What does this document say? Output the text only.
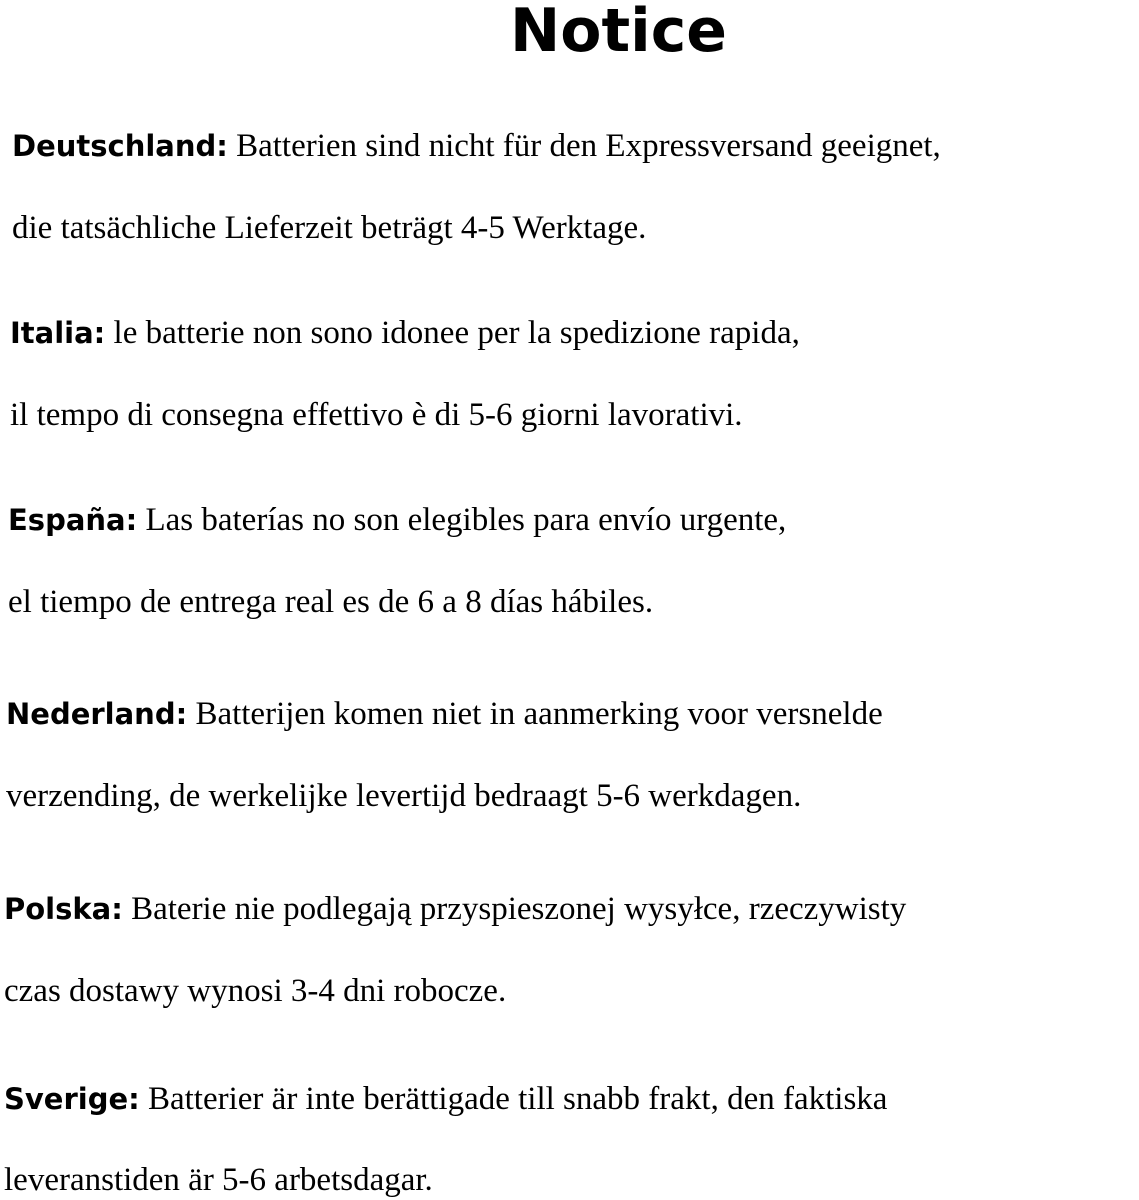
Notice
Deutschland: Batterien sind nicht für den Expressversand geeignet,
die tatsächliche Lieferzeit beträgt 4-5 Werktage.
Italia: le batterie non sono idonee per la spedizione rapida,
il tempo di consegna effettivo è di 5-6 giorni lavorativi.
España: Las baterías no son elegibles para envío urgente,
el tiempo de entrega real es de 6 a 8 días hábiles.
Nederland: Batterijen komen niet in aanmerking voor versnelde
verzending, de werkelijke levertijd bedraagt 5-6 werkdagen.
Polska: Baterie nie podlegają przyspieszonej wysyłce, rzeczywisty
czas dostawy wynosi 3-4 dni robocze.
Sverige: Batterier är inte berättigade till snabb frakt, den faktiska
leveranstiden är 5-6 arbetsdagar.
